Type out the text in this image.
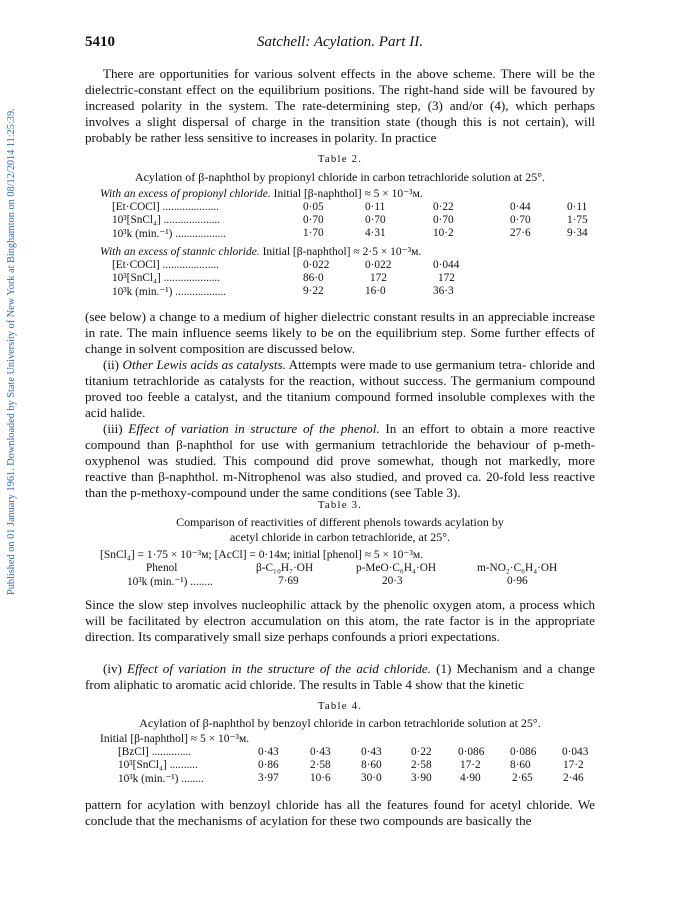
Published on 01 January 1961. Downloaded by State University of New York at Binghamton on 08/12/2014 11:25:39.
5410	Satchell: Acylation. Part II.

There are opportunities for various solvent effects in the above scheme. There will be the dielectric-constant effect on the equilibrium positions. The right-hand side will be favoured by increased polarity in the system. The rate-determining step, (3) and/or (4), which perhaps involves a slight dispersal of charge in the transition state (though this is not certain), will probably be rather less sensitive to increases in polarity. In practice

Table 2.
Acylation of β-naphthol by propionyl chloride in carbon tetrachloride solution at 25°.
With an excess of propionyl chloride. Initial [β-naphthol] ≈ 5 × 10⁻³м.
[Et·COCl] ....................	0·05	0·11	0·22	0·44	0·11
10³[SnCl₄] ....................	0·70	0·70	0·70	0·70	1·75
10³k (min.⁻¹) ..................	1·70	4·31	10·2	27·6	9·34
With an excess of stannic chloride. Initial [β-naphthol] ≈ 2·5 × 10⁻³м.
[Et·COCl] ....................	0·022	0·022	0·044
10³[SnCl₄] ....................	86·0	172	172
10³k (min.⁻¹) ..................	9·22	16·0	36·3

(see below) a change to a medium of higher dielectric constant results in an appreciable increase in rate. The main influence seems likely to be on the equilibrium step. Some further effects of change in solvent composition are discussed below.

(ii) Other Lewis acids as catalysts. Attempts were made to use germanium tetra- chloride and titanium tetrachloride as catalysts for the reaction, without success. The germanium compound proved too feeble a catalyst, and the titanium compound formed insoluble complexes with the acid halide.

(iii) Effect of variation in structure of the phenol. In an effort to obtain a more reactive compound than β-naphthol for use with germanium tetrachloride the behaviour of p-meth- oxyphenol was studied. This compound did prove somewhat, though not markedly, more reactive than β-naphthol. m-Nitrophenol was also studied, and proved ca. 20-fold less reactive than the p-methoxy-compound under the same conditions (see Table 3).

Table 3.
Comparison of reactivities of different phenols towards acylation by
acetyl chloride in carbon tetrachloride, at 25°.
[SnCl₄] = 1·75 × 10⁻³м; [AcCl] = 0·14м; initial [phenol] ≈ 5 × 10⁻³м.
Phenol	β-C₁₀H₇·OH	p-MeO·C₆H₄·OH	m-NO₂·C₆H₄·OH
10³k (min.⁻¹) ........	7·69	20·3	0·96

Since the slow step involves nucleophilic attack by the phenolic oxygen atom, a process which will be facilitated by electron accumulation on this atom, the rate factor is in the appropriate direction. Its comparatively small size perhaps confounds a priori expectations.

(iv) Effect of variation in the structure of the acid chloride. (1) Mechanism and a change from aliphatic to aromatic acid chloride. The results in Table 4 show that the kinetic

Table 4.
Acylation of β-naphthol by benzoyl chloride in carbon tetrachloride solution at 25°.
Initial [β-naphthol] ≈ 5 × 10⁻³м.
[BzCl] ..............	0·43	0·43	0·43	0·22 0·086 0·086 0·043
10³[SnCl₄] ..........	0·86	2·58	8·60	2·58	17·2	8·60	17·2
10³k (min.⁻¹) ........	3·97	10·6	30·0	3·90	4·90	2·65	2·46

pattern for acylation with benzoyl chloride has all the features found for acetyl chloride. We conclude that the mechanisms of acylation for these two compounds are basically the
